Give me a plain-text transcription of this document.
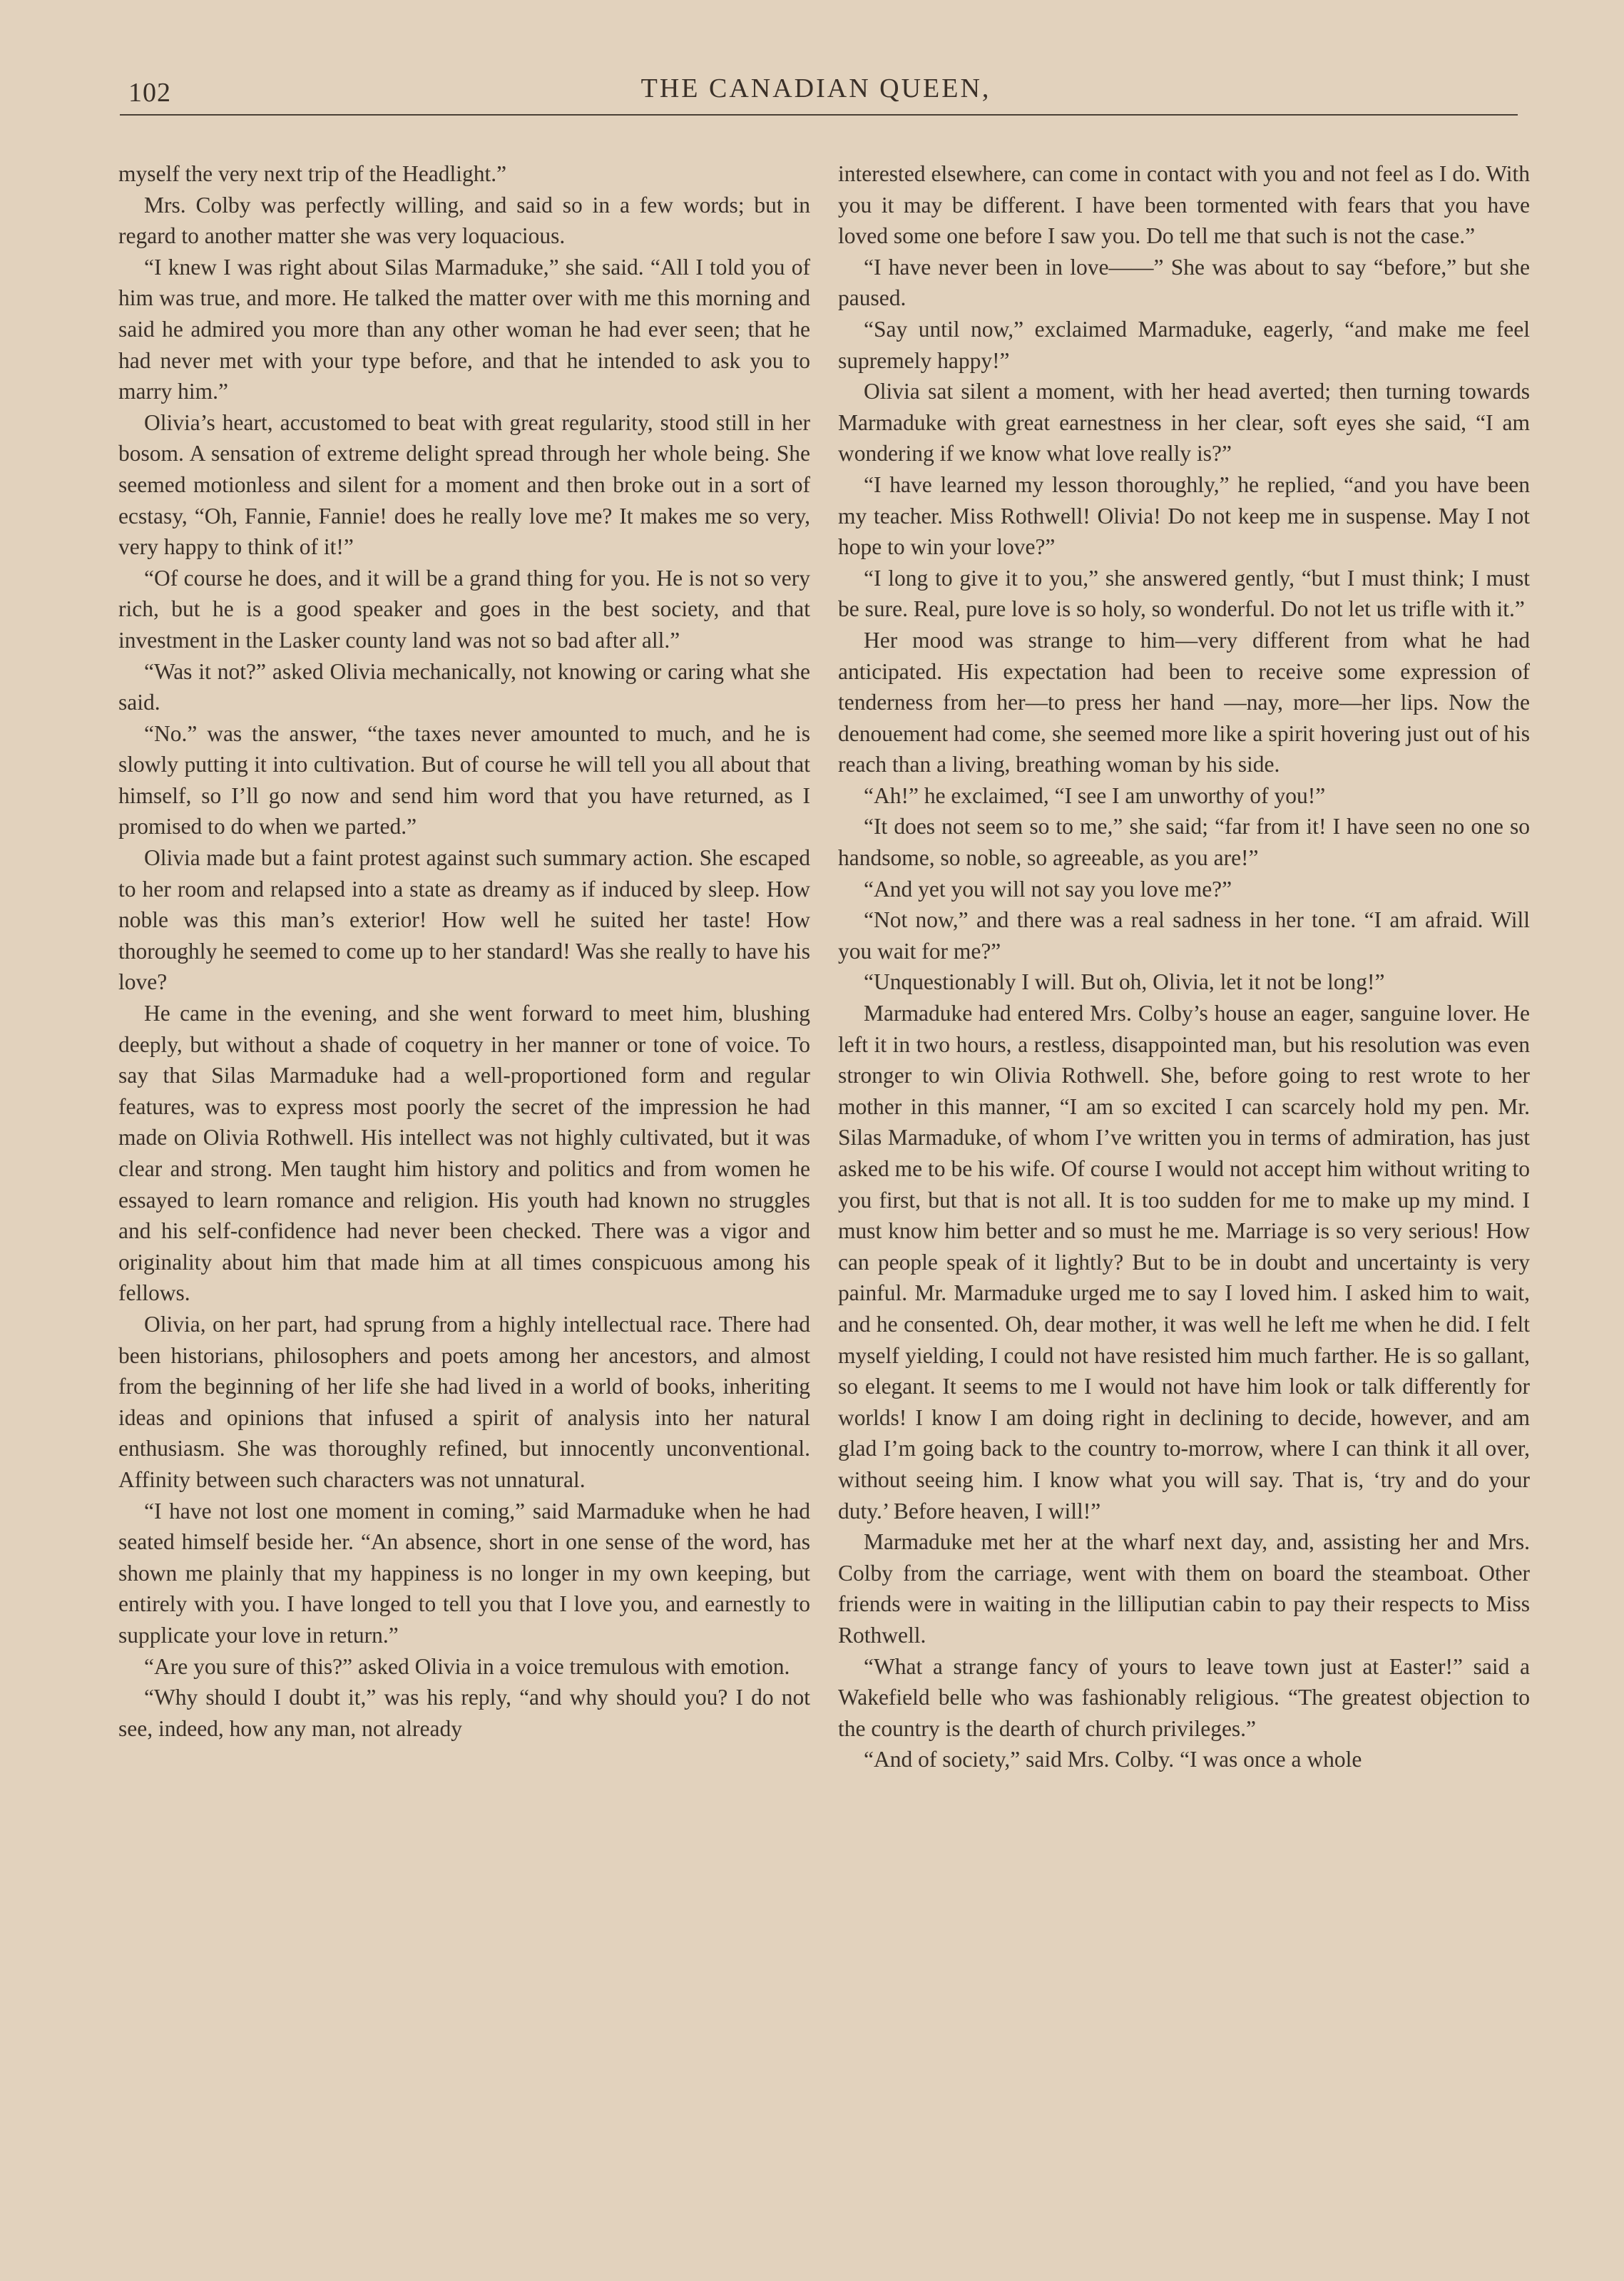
102	THE CANADIAN QUEEN,

myself the very next trip of the Headlight.”

Mrs. Colby was perfectly willing, and said so in a few words; but in regard to another matter she was very loquacious.

“I knew I was right about Silas Marmaduke,” she said. “All I told you of him was true, and more. He talked the matter over with me this morning and said he admired you more than any other woman he had ever seen; that he had never met with your type before, and that he intended to ask you to marry him.”

Olivia’s heart, accustomed to beat with great regularity, stood still in her bosom. A sensation of extreme delight spread through her whole being. She seemed motionless and silent for a moment and then broke out in a sort of ecstasy, “Oh, Fannie, Fannie! does he really love me? It makes me so very, very happy to think of it!”

“Of course he does, and it will be a grand thing for you. He is not so very rich, but he is a good speaker and goes in the best society, and that investment in the Lasker county land was not so bad after all.”

“Was it not?” asked Olivia mechanically, not knowing or caring what she said.

“No.” was the answer, “the taxes never amounted to much, and he is slowly putting it into cultivation. But of course he will tell you all about that himself, so I’ll go now and send him word that you have returned, as I promised to do when we parted.”

Olivia made but a faint protest against such summary action. She escaped to her room and relapsed into a state as dreamy as if induced by sleep. How noble was this man’s exterior! How well he suited her taste! How thoroughly he seemed to come up to her standard! Was she really to have his love?

He came in the evening, and she went forward to meet him, blushing deeply, but without a shade of coquetry in her manner or tone of voice. To say that Silas Marmaduke had a well-proportioned form and regular features, was to express most poorly the secret of the impression he had made on Olivia Rothwell. His intellect was not highly cultivated, but it was clear and strong. Men taught him history and politics and from women he essayed to learn romance and religion. His youth had known no struggles and his self-confidence had never been checked. There was a vigor and originality about him that made him at all times conspicuous among his fellows.

Olivia, on her part, had sprung from a highly intellectual race. There had been historians, philosophers and poets among her ancestors, and almost from the beginning of her life she had lived in a world of books, inheriting ideas and opinions that infused a spirit of analysis into her natural enthusiasm. She was thoroughly refined, but innocently unconventional. Affinity between such characters was not unnatural.

“I have not lost one moment in coming,” said Marmaduke when he had seated himself beside her. “An absence, short in one sense of the word, has shown me plainly that my happiness is no longer in my own keeping, but entirely with you. I have longed to tell you that I love you, and earnestly to supplicate your love in return.”

“Are you sure of this?” asked Olivia in a voice tremulous with emotion.

“Why should I doubt it,” was his reply, “and why should you? I do not see, indeed, how any man, not already

interested elsewhere, can come in contact with you and not feel as I do. With you it may be different. I have been tormented with fears that you have loved some one before I saw you. Do tell me that such is not the case.”

“I have never been in love——” She was about to say “before,” but she paused.

“Say until now,” exclaimed Marmaduke, eagerly, “and make me feel supremely happy!”

Olivia sat silent a moment, with her head averted; then turning towards Marmaduke with great earnestness in her clear, soft eyes she said, “I am wondering if we know what love really is?”

“I have learned my lesson thoroughly,” he replied, “and you have been my teacher. Miss Rothwell! Olivia! Do not keep me in suspense. May I not hope to win your love?”

“I long to give it to you,” she answered gently, “but I must think; I must be sure. Real, pure love is so holy, so wonderful. Do not let us trifle with it.”

Her mood was strange to him—very different from what he had anticipated. His expectation had been to receive some expression of tenderness from her—to press her hand —nay, more—her lips. Now the denouement had come, she seemed more like a spirit hovering just out of his reach than a living, breathing woman by his side.

“Ah!” he exclaimed, “I see I am unworthy of you!”

“It does not seem so to me,” she said; “far from it! I have seen no one so handsome, so noble, so agreeable, as you are!”

“And yet you will not say you love me?”

“Not now,” and there was a real sadness in her tone. “I am afraid. Will you wait for me?”

“Unquestionably I will. But oh, Olivia, let it not be long!”

Marmaduke had entered Mrs. Colby’s house an eager, sanguine lover. He left it in two hours, a restless, disappointed man, but his resolution was even stronger to win Olivia Rothwell. She, before going to rest wrote to her mother in this manner, “I am so excited I can scarcely hold my pen. Mr. Silas Marmaduke, of whom I’ve written you in terms of admiration, has just asked me to be his wife. Of course I would not accept him without writing to you first, but that is not all. It is too sudden for me to make up my mind. I must know him better and so must he me. Marriage is so very serious! How can people speak of it lightly? But to be in doubt and uncertainty is very painful. Mr. Marmaduke urged me to say I loved him. I asked him to wait, and he consented. Oh, dear mother, it was well he left me when he did. I felt myself yielding, I could not have resisted him much farther. He is so gallant, so elegant. It seems to me I would not have him look or talk differently for worlds! I know I am doing right in declining to decide, however, and am glad I’m going back to the country to-morrow, where I can think it all over, without seeing him. I know what you will say. That is, ‘try and do your duty.’ Before heaven, I will!”

Marmaduke met her at the wharf next day, and, assisting her and Mrs. Colby from the carriage, went with them on board the steamboat. Other friends were in waiting in the lilliputian cabin to pay their respects to Miss Rothwell.

“What a strange fancy of yours to leave town just at Easter!” said a Wakefield belle who was fashionably religious. “The greatest objection to the country is the dearth of church privileges.”

“And of society,” said Mrs. Colby. “I was once a whole
